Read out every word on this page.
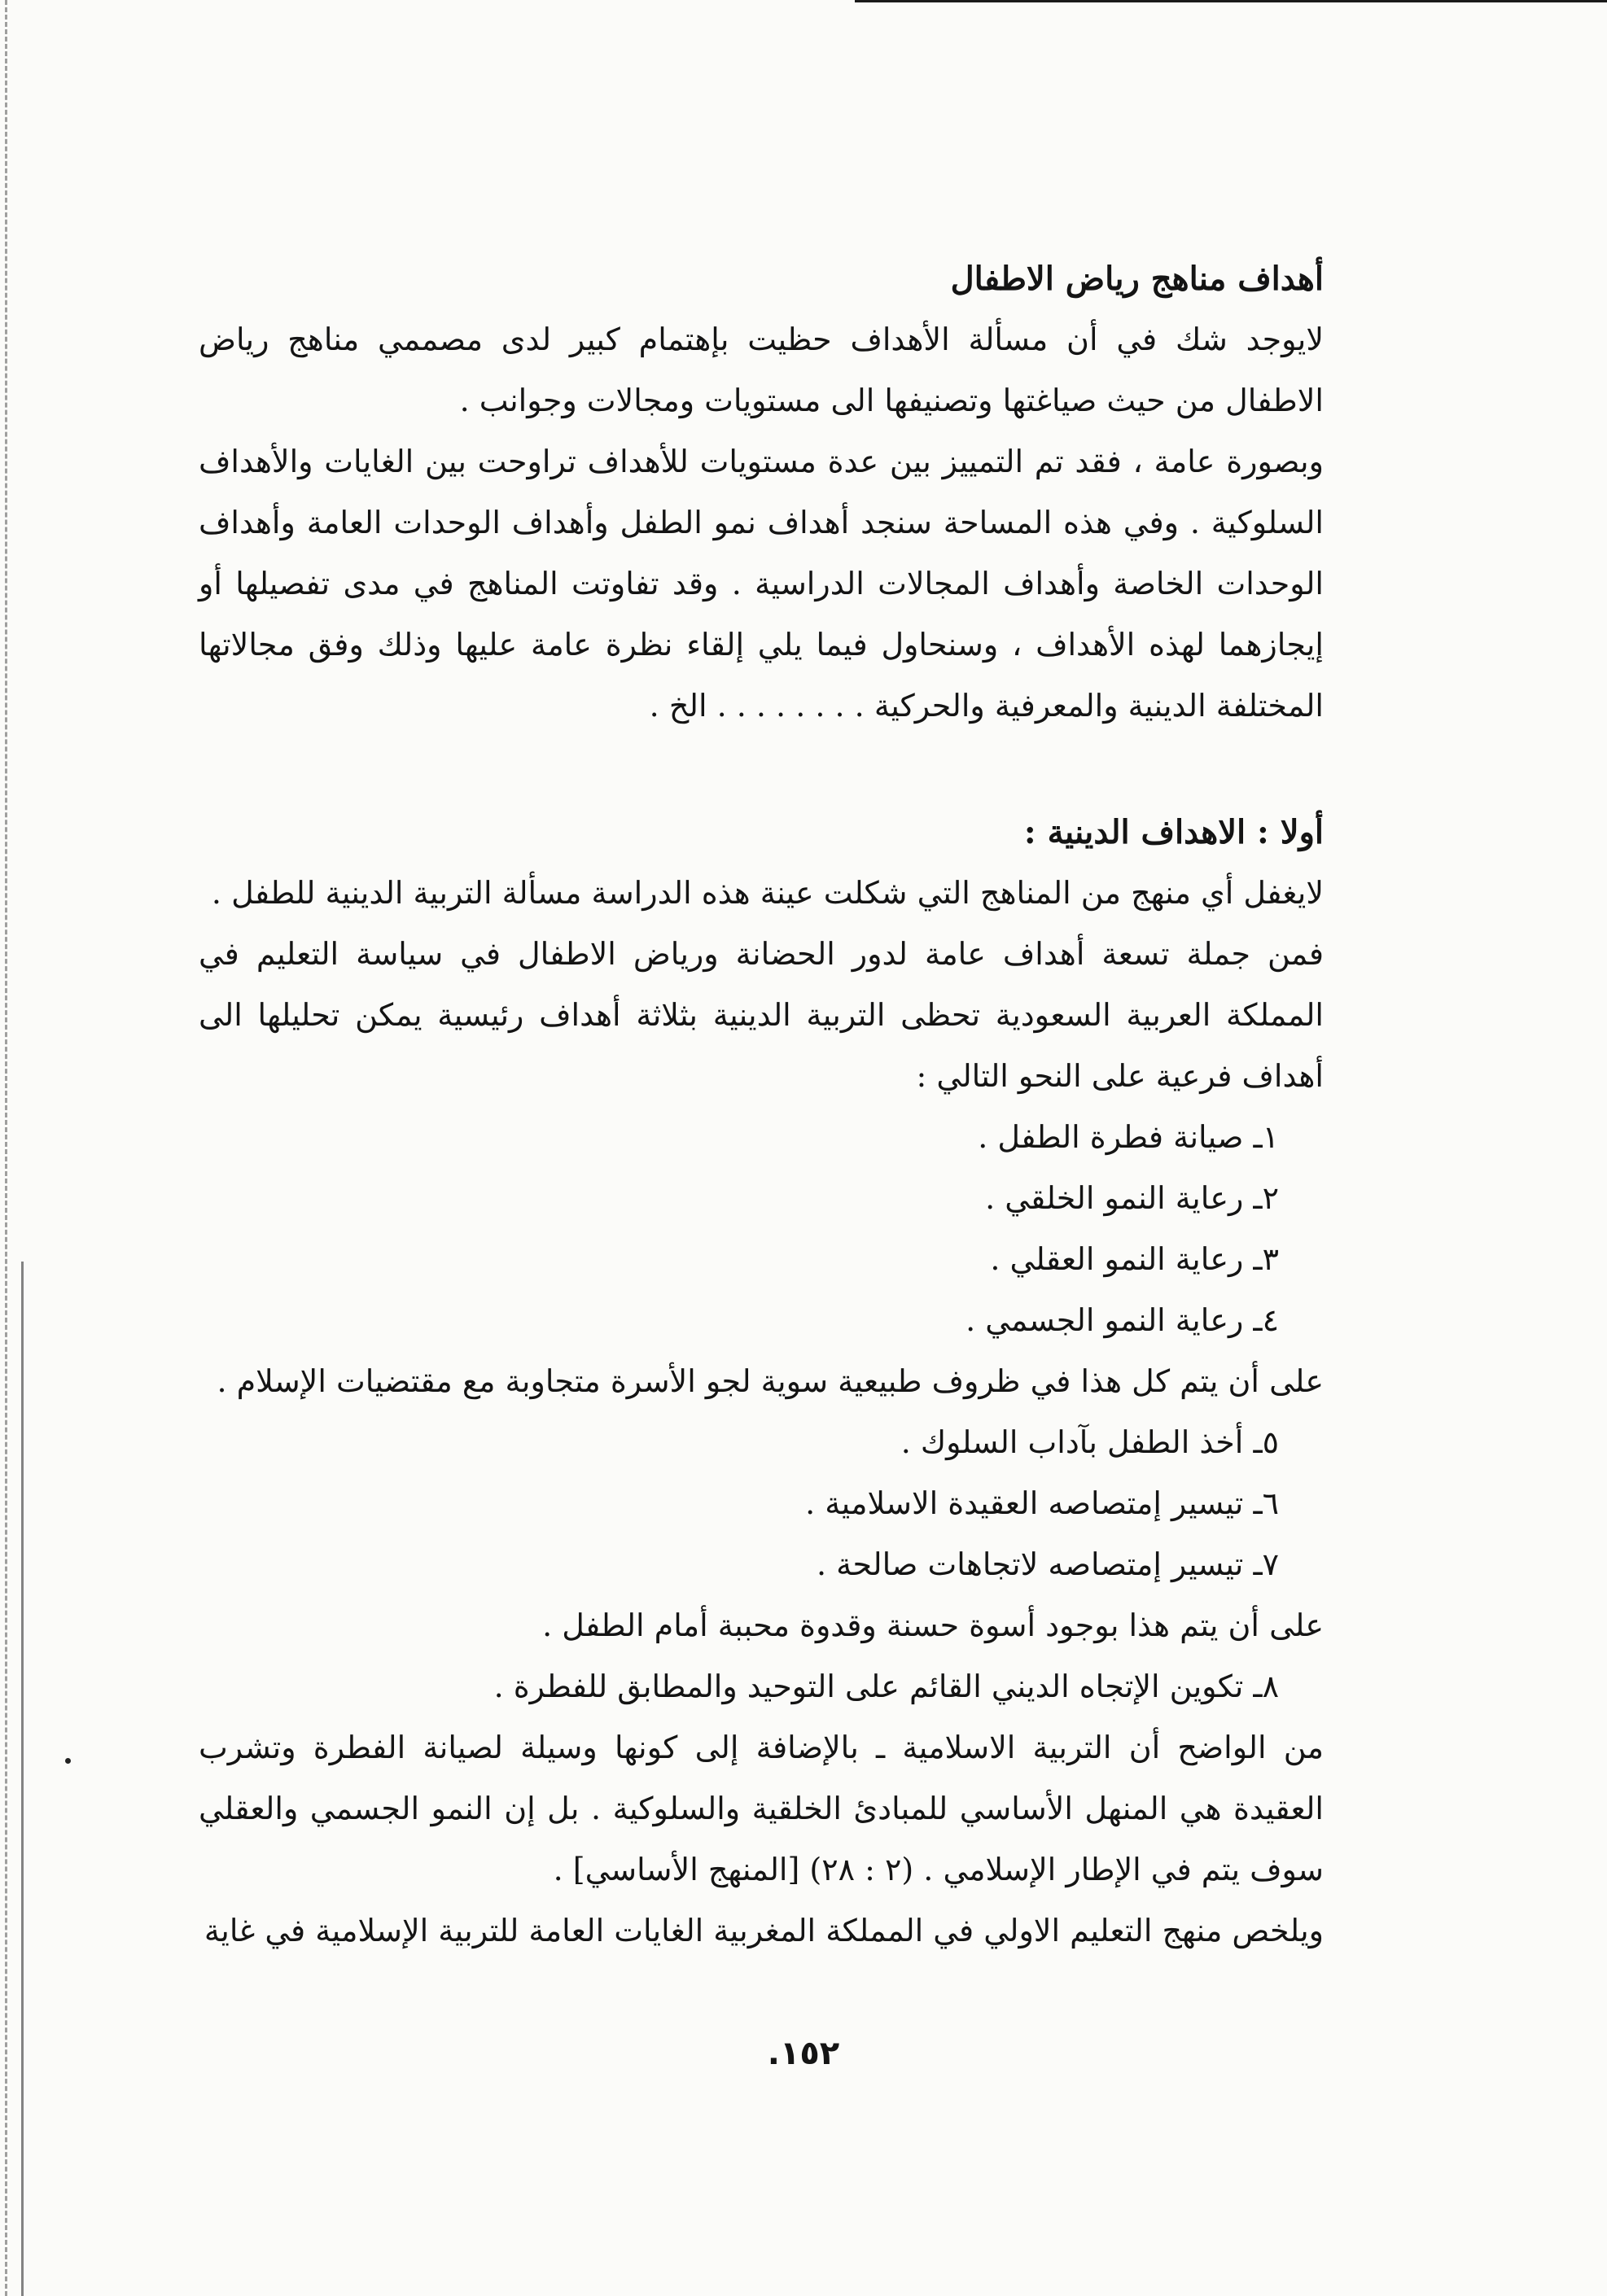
أهداف مناهج رياض الاطفال
لايوجد شك في أن مسألة الأهداف حظيت بإهتمام كبير لدى مصممي مناهج رياض الاطفال من حيث صياغتها وتصنيفها الى مستويات ومجالات وجوانب .
وبصورة عامة ، فقد تم التمييز بين عدة مستويات للأهداف تراوحت بين الغايات والأهداف السلوكية . وفي هذه المساحة سنجد أهداف نمو الطفل وأهداف الوحدات العامة وأهداف الوحدات الخاصة وأهداف المجالات الدراسية . وقد تفاوتت المناهج في مدى تفصيلها أو إيجازهما لهذه الأهداف ، وسنحاول فيما يلي إلقاء نظرة عامة عليها وذلك وفق مجالاتها المختلفة الدينية والمعرفية والحركية . . . . . . . . الخ .
أولا : الاهداف الدينية :
لايغفل أي منهج من المناهج التي شكلت عينة هذه الدراسة مسألة التربية الدينية للطفل .
فمن جملة تسعة أهداف عامة لدور الحضانة ورياض الاطفال في سياسة التعليم في المملكة العربية السعودية تحظى التربية الدينية بثلاثة أهداف رئيسية يمكن تحليلها الى أهداف فرعية على النحو التالي :
١ـ صيانة فطرة الطفل .
٢ـ رعاية النمو الخلقي .
٣ـ رعاية النمو العقلي .
٤ـ رعاية النمو الجسمي .
على أن يتم كل هذا في ظروف طبيعية سوية لجو الأسرة متجاوبة مع مقتضيات الإسلام .
٥ـ أخذ الطفل بآداب السلوك .
٦ـ تيسير إمتصاصه العقيدة الاسلامية .
٧ـ تيسير إمتصاصه لاتجاهات صالحة .
على أن يتم هذا بوجود أسوة حسنة وقدوة محببة أمام الطفل .
٨ـ تكوين الإتجاه الديني القائم على التوحيد والمطابق للفطرة .
من الواضح أن التربية الاسلامية ـ بالإضافة إلى كونها وسيلة لصيانة الفطرة وتشرب العقيدة هي المنهل الأساسي للمبادئ الخلقية والسلوكية . بل إن النمو الجسمي والعقلي سوف يتم في الإطار الإسلامي . (٢ : ٢٨) [المنهج الأساسي] .
ويلخص منهج التعليم الاولي في المملكة المغربية الغايات العامة للتربية الإسلامية في غاية
١٥٢.
